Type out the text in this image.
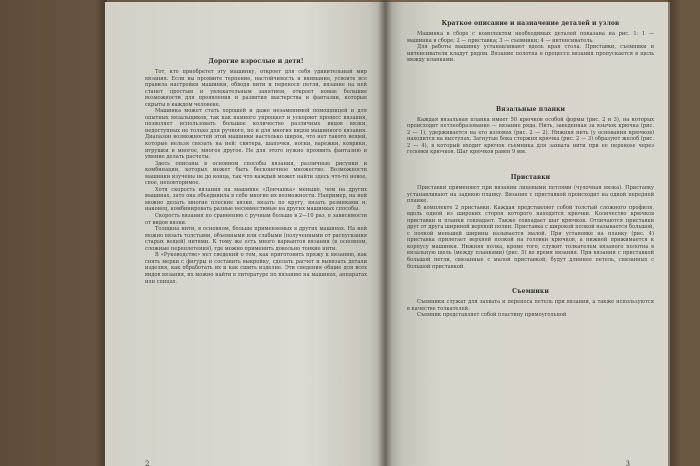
Дорогие взрослые и дети!

Тот, кто приобретет эту машинку, откроет для себя удивительный мир вязания. Если вы проявите терпение, настойчивость и внимание, усвоите все правила настройки машинки, обводя нити и перенося петли, вязание на ней станет простым и увлекательным занятием, откроет новые большие возможности для проявления и развития мастерства и фантазии, которые скрыты в каждом человеке.

Машинка может стать хорошей и даже незаменимой помощницей и для опытных вязальщиков, так как намного упрощает и ускоряет процесс вязания, позволяет использовать большое количество различных видов вязки, недоступных не только для ручного, но и для многих видов машинного вязания. Диапазон возможностей этой машинки настолько широк, что нет такого вещей, которые нельзя связать на ней: свитера, шапочки, носки, варежки, коврики, игрушки и многое, многое другое. Не для этого нужно проявить фантазию и умение делать расчеты.

Здесь описаны в основном способы вязания, различные рисунки и комбинации, которых может быть бесконечное множество. Возможности машинки изучены не до конца, так что каждый может найти здесь что-то новое, свое, неповторимое.

Хотя скорость вязания на машинке «Дончанка» меньше, чем на других машинах, зато она объединила в себе многие их возможности. Например, на ней можно делать многие плоские вязки, вязать по кругу, вязать резинками и, наконец, комбинировать разные несовместимые на других машинках способы.

Скорость вязания по сравнению с ручным больше в 2—10 раз, в зависимости от видов вязки.

Толщина нити, в основном, больше применяемых в других машинах. На ней можно вязать толстыми, объемными или слабыми (полученными от распускания старых вещей) нитями. К тому же есть много вариантов вязания (в основном, сложные переплетения), где можно применить довольно тонкие нити.

В «Руководстве» нет сведений о том, как приготовить пряжу к вязанию, как снять мерки с фигуры и составить выкройку, сделать расчет и вывязать детали изделия, как обработать их и как сшить изделие. Эти сведения общие для всех видов вязания, их можно найти в литературе по вязанию на машинах, аппаратах или спицах.

2
Краткое описание и назначение деталей и узлов

Машинка в сборе с комплектом необходимых деталей показана на рис. 1: 1 — машинка в сборе; 2 — приставка; 3 — съемники; 4 — интенсиватель.

Для работы машинку устанавливают вдоль края стола. Приставки, съемники и интенсиватели кладут рядом. Вязание полотна в процессе вязания пропускается в щель между планками.

Вязальные планки

Каждая вязальная планка имеет 50 крючков особой формы (рис. 2 и 3), на которых происходит петлеобразование — вязание ряда. Нить, заведенная за язычок крючка (рис. 2 — 1), удерживается на его изломах (рис. 2 — 2). Нижняя нить (у основания крючков) находится на выступах. Загнутые бока стержня крючка (рис. 2 — 3) образуют желоб (рис. 2 — 4), в который входит крючок съемника для захвата нити при ее перенose через головки крючков. Шаг крючков равен 9 мм.

Приставки

Приставки применяют при вязании лицевыми петлями (чулочная вязка). Приставку устанавливают на заднюю планку. Вязание с приставкой происходит на одной передней планке.

В комплекте 2 приставки. Каждая представляет собой толстый сложного профиля, вдоль одной из широких сторон которого находятся крючки. Количество крючков приставки и планки совпадает. Также совпадает шаг крючков. Отличаются приставки друг от друга шириной верхней полки. Приставка с широкой полкой называется большой, с полкой меньшей ширины называется малой. При установке на планку (рис. 4) приставка прилегает верхней полкой на головки крючков, а нижней прижимается к корпусу машинки. Нижняя полка, кроме того, служит толкателем вязаного полотна в вязальную щель (между планками) (рис. 5) во время вязания. При вязании с приставкой большой петли, связанные с малой приставкой, будут длиннее петель, связанных с большой приставкой.

Съемники

Съемники служат для захвата и переноса петель при вязании, а также используются в качестве толкателей.

Съемник представляет собой пластину прямоугольной

3
